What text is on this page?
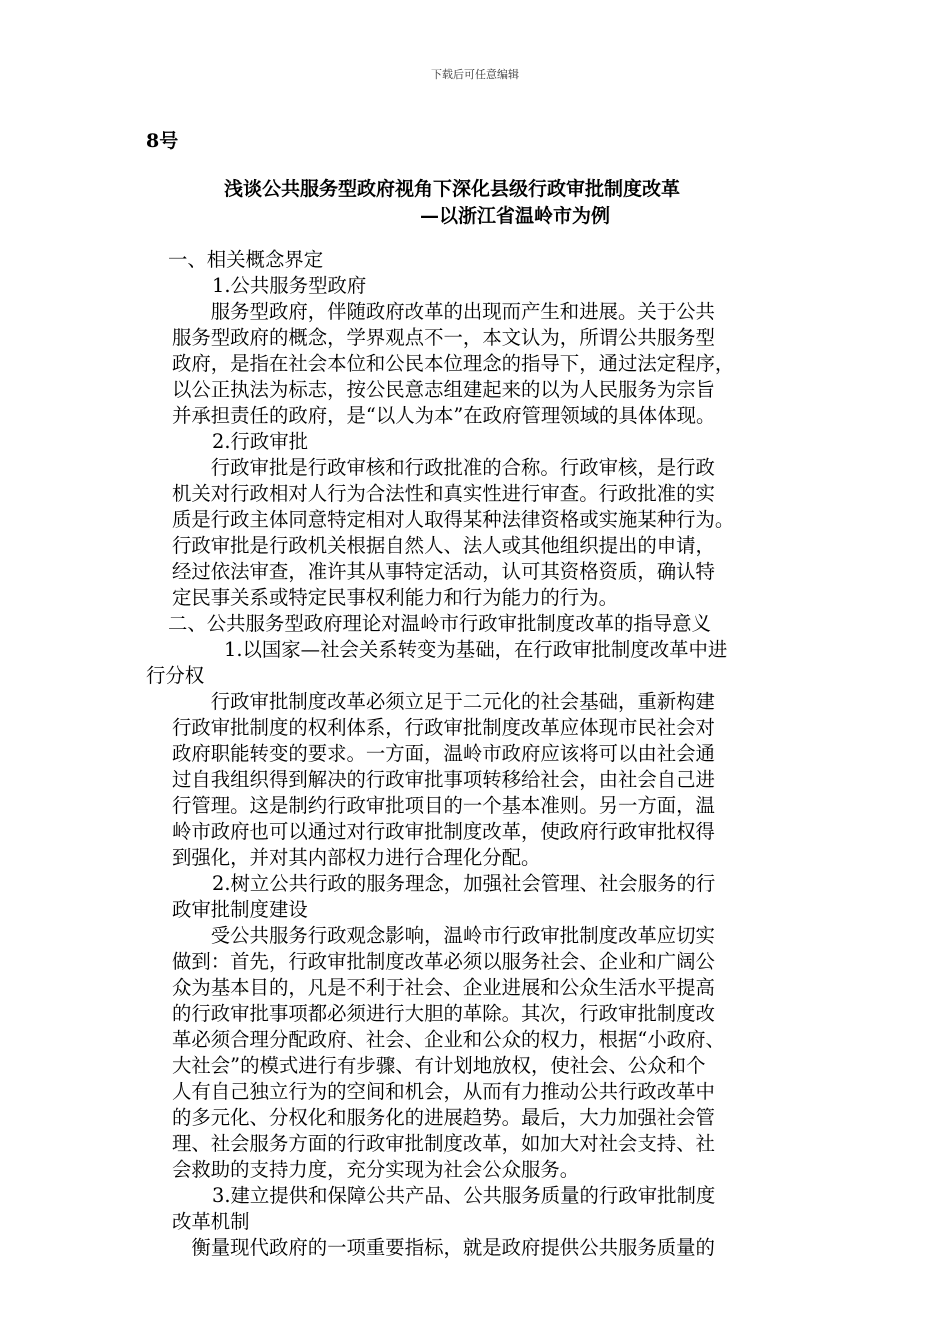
下载后可任意编辑
8号
浅谈公共服务型政府视角下深化县级行政审批制度改革
—以浙江省温岭市为例

一、相关概念界定

1.公共服务型政府

　　服务型政府，伴随政府改革的出现而产生和进展。关于公共

服务型政府的概念，学界观点不一，本文认为，所谓公共服务型

政府，是指在社会本位和公民本位理念的指导下，通过法定程序，

以公正执法为标志，按公民意志组建起来的以为人民服务为宗旨

并承担责任的政府，是“以人为本”在政府管理领域的具体体现。

2.行政审批

　　行政审批是行政审核和行政批准的合称。行政审核，是行政

机关对行政相对人行为合法性和真实性进行审查。行政批准的实

质是行政主体同意特定相对人取得某种法律资格或实施某种行为。

行政审批是行政机关根据自然人、法人或其他组织提出的申请，

经过依法审查，准许其从事特定活动，认可其资格资质，确认特

定民事关系或特定民事权利能力和行为能力的行为。

二、公共服务型政府理论对温岭市行政审批制度改革的指导意义

1.以国家—社会关系转变为基础，在行政审批制度改革中进

行分权

　　行政审批制度改革必须立足于二元化的社会基础，重新构建

行政审批制度的权利体系，行政审批制度改革应体现市民社会对

政府职能转变的要求。一方面，温岭市政府应该将可以由社会通

过自我组织得到解决的行政审批事项转移给社会，由社会自己进

行管理。这是制约行政审批项目的一个基本准则。另一方面，温

岭市政府也可以通过对行政审批制度改革，使政府行政审批权得

到强化，并对其内部权力进行合理化分配。

2.树立公共行政的服务理念，加强社会管理、社会服务的行

政审批制度建设

　　受公共服务行政观念影响，温岭市行政审批制度改革应切实

做到：首先，行政审批制度改革必须以服务社会、企业和广阔公

众为基本目的，凡是不利于社会、企业进展和公众生活水平提高

的行政审批事项都必须进行大胆的革除。其次，行政审批制度改

革必须合理分配政府、社会、企业和公众的权力，根据“小政府、

大社会”的模式进行有步骤、有计划地放权，使社会、公众和个

人有自己独立行为的空间和机会，从而有力推动公共行政改革中

的多元化、分权化和服务化的进展趋势。最后，大力加强社会管

理、社会服务方面的行政审批制度改革，如加大对社会支持、社

会救助的支持力度，充分实现为社会公众服务。

3.建立提供和保障公共产品、公共服务质量的行政审批制度

改革机制

　衡量现代政府的一项重要指标，就是政府提供公共服务质量的
